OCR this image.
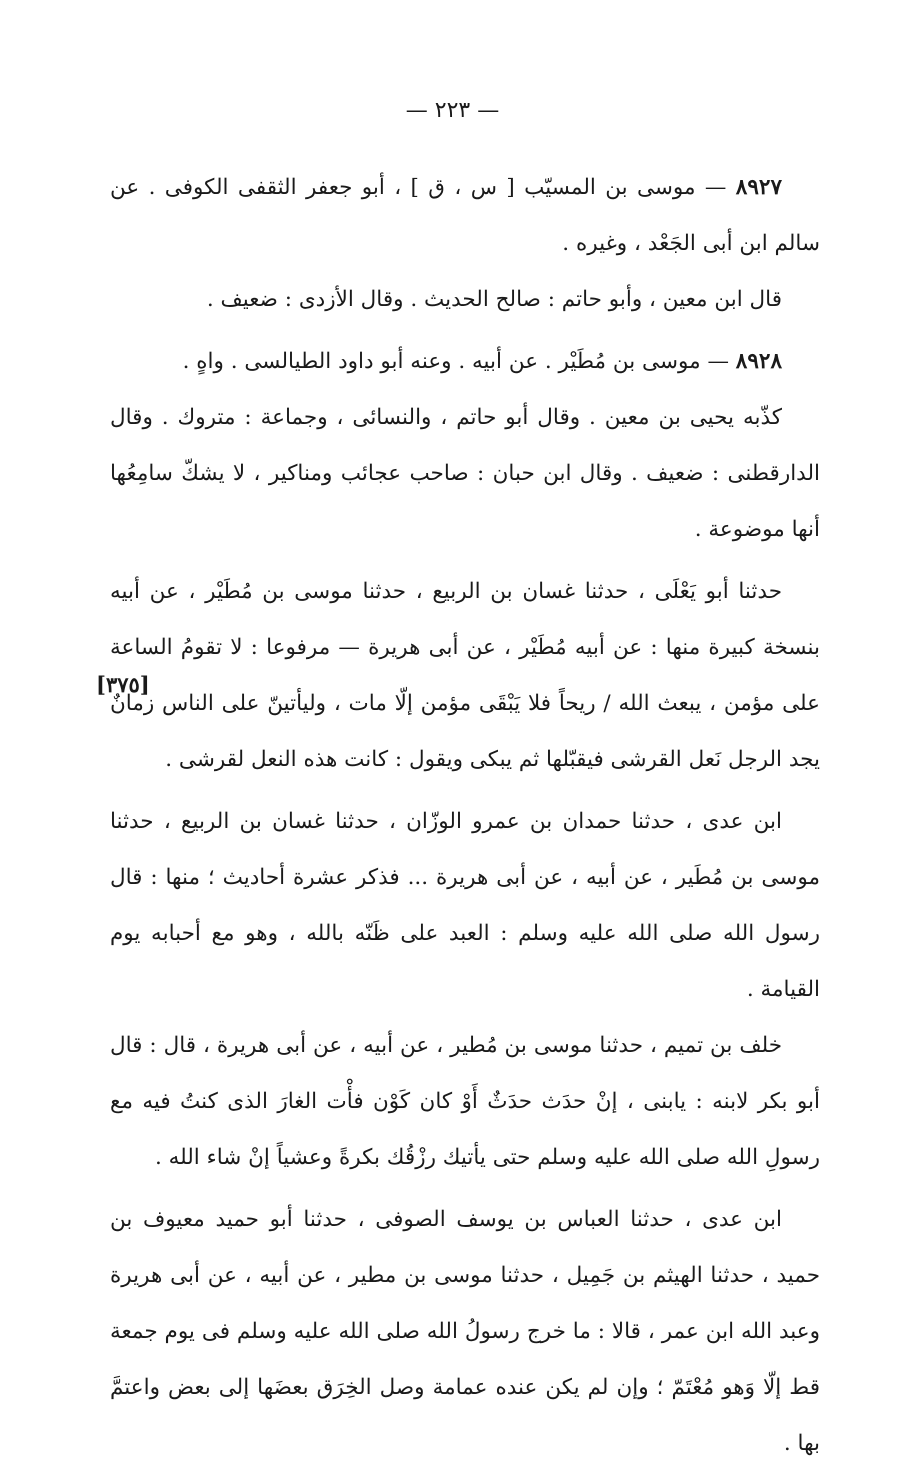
— ٢٢٣ —
[٣٧٥]

٨٩٢٧ — موسى بن المسيّب [ س ، ق ] ، أبو جعفر الثقفى الكوفى . عن سالم ابن أبى الجَعْد ، وغيره .

قال ابن معين ، وأبو حاتم : صالح الحديث . وقال الأزدى : ضعيف .

٨٩٢٨ — موسى بن مُطَيْر . عن أبيه . وعنه أبو داود الطيالسى . واهٍ .

كذّبه يحيى بن معين . وقال أبو حاتم ، والنسائى ، وجماعة : متروك . وقال الدارقطنى : ضعيف . وقال ابن حبان : صاحب عجائب ومناكير ، لا يشكّ سامِعُها أنها موضوعة .

حدثنا أبو يَعْلَى ، حدثنا غسان بن الربيع ، حدثنا موسى بن مُطَيْر ، عن أبيه بنسخة كبيرة منها : عن أبيه مُطَيْر ، عن أبى هريرة — مرفوعا : لا تقومُ الساعة على مؤمن ، يبعث الله / ريحاً فلا يَبْقَى مؤمن إلّا مات ، وليأتينّ على الناس زمانٌ يجد الرجل نَعل القرشى فيقبّلها ثم يبكى ويقول : كانت هذه النعل لقرشى .

ابن عدى ، حدثنا حمدان بن عمرو الوزّان ، حدثنا غسان بن الربيع ، حدثنا موسى بن مُطَير ، عن أبيه ، عن أبى هريرة ... فذكر عشرة أحاديث ؛ منها : قال رسول الله صلى الله عليه وسلم : العبد على ظَنّه بالله ، وهو مع أحبابه يوم القيامة .

خلف بن تميم ، حدثنا موسى بن مُطير ، عن أبيه ، عن أبى هريرة ، قال : قال أبو بكر لابنه : يابنى ، إنْ حدَث حدَثٌ أَوْ كان كَوْن فأْت الغارَ الذى كنتُ فيه مع رسولِ الله صلى الله عليه وسلم حتى يأتيك رزْقُك بكرةً وعشياً إنْ شاء الله .

ابن عدى ، حدثنا العباس بن يوسف الصوفى ، حدثنا أبو حميد معيوف بن حميد ، حدثنا الهيثم بن جَمِيل ، حدثنا موسى بن مطير ، عن أبيه ، عن أبى هريرة وعبد الله ابن عمر ، قالا : ما خرج رسولُ الله صلى الله عليه وسلم فى يوم جمعة قط إلّا وَهو مُعْتَمّ ؛ وإن لم يكن عنده عمامة وصل الخِرَق بعضَها إلى بعض واعتمَّ بها .
